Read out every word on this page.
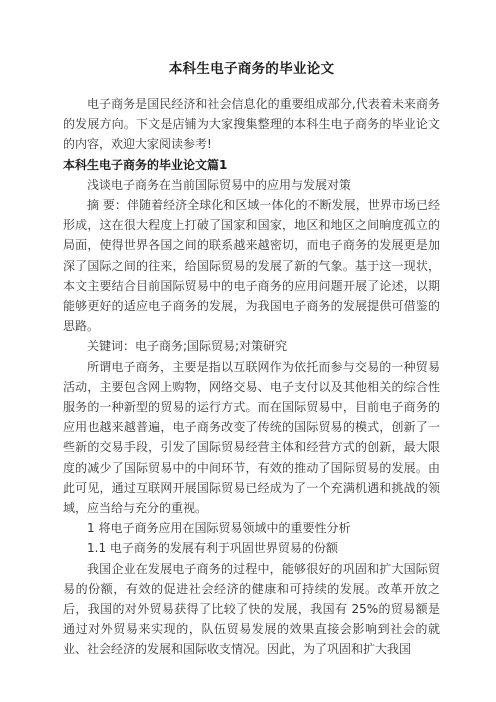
本科生电子商务的毕业论文

电子商务是国民经济和社会信息化的重要组成部分,代表着未来商务的发展方向。下文是店铺为大家搜集整理的本科生电子商务的毕业论文的内容，欢迎大家阅读参考!

本科生电子商务的毕业论文篇1

浅谈电子商务在当前国际贸易中的应用与发展对策

摘 要：伴随着经济全球化和区域一体化的不断发展，世界市场已经形成，这在很大程度上打破了国家和国家，地区和地区之间晌度孤立的局面，使得世界各国之间的联系越来越密切，而电子商务的发展更是加深了国际之间的往来，给国际贸易的发展了新的气象。基于这一现状，本文主要结合目前国际贸易中的电子商务的应用问题开展了论述，以期能够更好的适应电子商务的发展，为我国电子商务的发展提供可借鉴的思路。

关键词：电子商务;国际贸易;对策研究

所谓电子商务，主要是指以互联网作为依托而参与交易的一种贸易活动，主要包含网上购物，网络交易、电子支付以及其他相关的综合性服务的一种新型的贸易的运行方式。而在国际贸易中，目前电子商务的应用也越来越普遍，电子商务改变了传统的国际贸易的模式，创新了一些新的交易手段，引发了国际贸易经营主体和经营方式的创新，最大限度的减少了国际贸易中的中间环节，有效的推动了国际贸易的发展。由此可见，通过互联网开展国际贸易已经成为了一个充满机遇和挑战的领域，应当给与充分的重视。

1 将电子商务应用在国际贸易领域中的重要性分析

1.1 电子商务的发展有利于巩固世界贸易的份额

我国企业在发展电子商务的过程中，能够很好的巩固和扩大国际贸易的份额，有效的促进社会经济的健康和可持续的发展。改革开放之后，我国的对外贸易获得了比较了快的发展，我国有 25%的贸易额是通过对外贸易来实现的，队伍贸易发展的效果直接会影响到社会的就业、社会经济的发展和国际收支情况。因此，为了巩固和扩大我国
